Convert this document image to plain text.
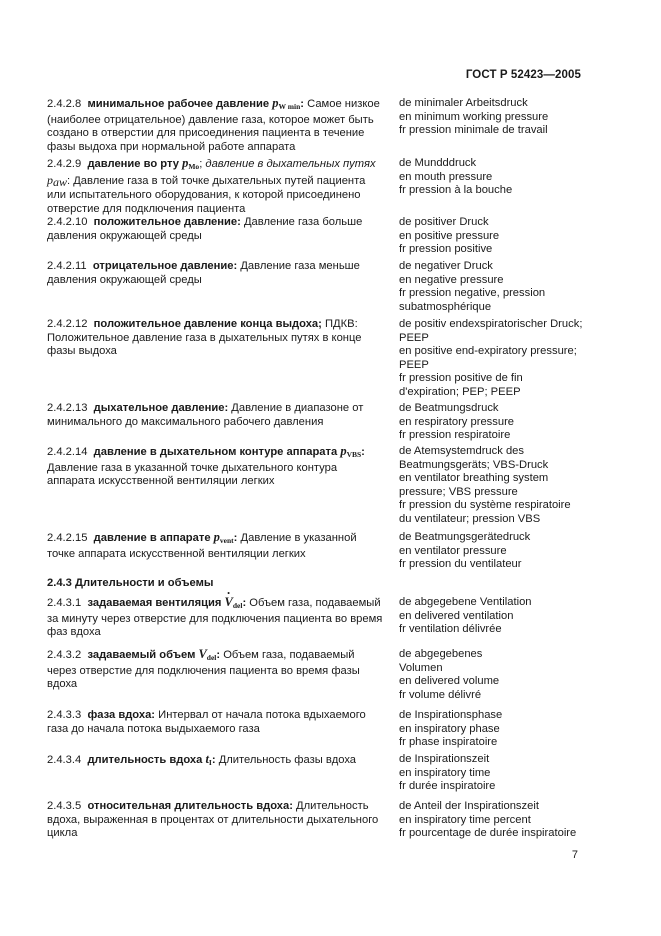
ГОСТ Р 52423—2005
2.4.2.8 минимальное рабочее давление $p_{W min}$: Самое низкое (наиболее отрицательное) давление газа, которое может быть создано в отверстии для присоединения пациента в течение фазы выдоха при нормальной работе аппарата
de minimaler Arbeitsdruck
en minimum working pressure
fr pression minimale de travail
2.4.2.9 давление во рту $p_{Mo}$; давление в дыхательных путях paw: Давление газа в той точке дыхательных путей пациента или испытательного оборудования, к которой присоединено отверстие для подключения пациента
de Mundddruck
en mouth pressure
fr pression à la bouche
2.4.2.10 положительное давление: Давление газа больше давления окружающей среды
de positiver Druck
en positive pressure
fr pression positive
2.4.2.11 отрицательное давление: Давление газа меньше давления окружающей среды
de negativer Druck
en negative pressure
fr pression negative, pression
subatmosphérique
2.4.2.12 положительное давление конца выдоха; ПДКВ: Положительное давление газа в дыхательных путях в конце фазы выдоха
de positiv endexspiratorischer Druck;
PEEP
en positive end-expiratory pressure;
PEEP
fr pression positive de fin
d'expiration; PEP; PEEP
2.4.2.13 дыхательное давление: Давление в диапазоне от минимального до максимального рабочего давления
de Beatmungsdruck
en respiratory pressure
fr pression respiratoire
2.4.2.14 давление в дыхательном контуре аппарата $p_{VBS}$: Давление газа в указанной точке дыхательного контура аппарата искусственной вентиляции легких
de Atemsystemdruck des
Beatmungsgeräts; VBS-Druck
en ventilator breathing system
pressure; VBS pressure
fr pression du système respiratoire
du ventilateur; pression VBS
2.4.2.15 давление в аппарате $p_{vent}$: Давление в указанной точке аппарата искусственной вентиляции легких
de Beatmungsgerätedruck
en ventilator pressure
fr pression du ventilateur
2.4.3 Длительности и объемы
2.4.3.1 задаваемая вентиляция · $V_{del}$: Объем газа, подаваемый за минуту через отверстие для подключения пациента во время фаз вдоха
de abgegebene Ventilation
en delivered ventilation
fr ventilation délivrée
2.4.3.2 задаваемый объем $V_{del}$: Объем газа, подаваемый через отверстие для подключения пациента во время фазы вдоха
de abgegebenes
Volumen
en delivered volume
fr volume délivré
2.4.3.3 фаза вдоха: Интервал от начала потока вдыхаемого газа до начала потока выдыхаемого газа
de Inspirationsphase
en inspiratory phase
fr phase inspiratoire
2.4.3.4 длительность вдоха $t_I$: Длительность фазы вдоха	de Inspirationszeit
en inspiratory time
fr durée inspiratoire
2.4.3.5 относительная длительность вдоха: Длительность вдоха, выраженная в процентах от длительности дыхательного цикла
de Anteil der Inspirationszeit
en inspiratory time percent
fr pourcentage de durée inspiratoire
7
